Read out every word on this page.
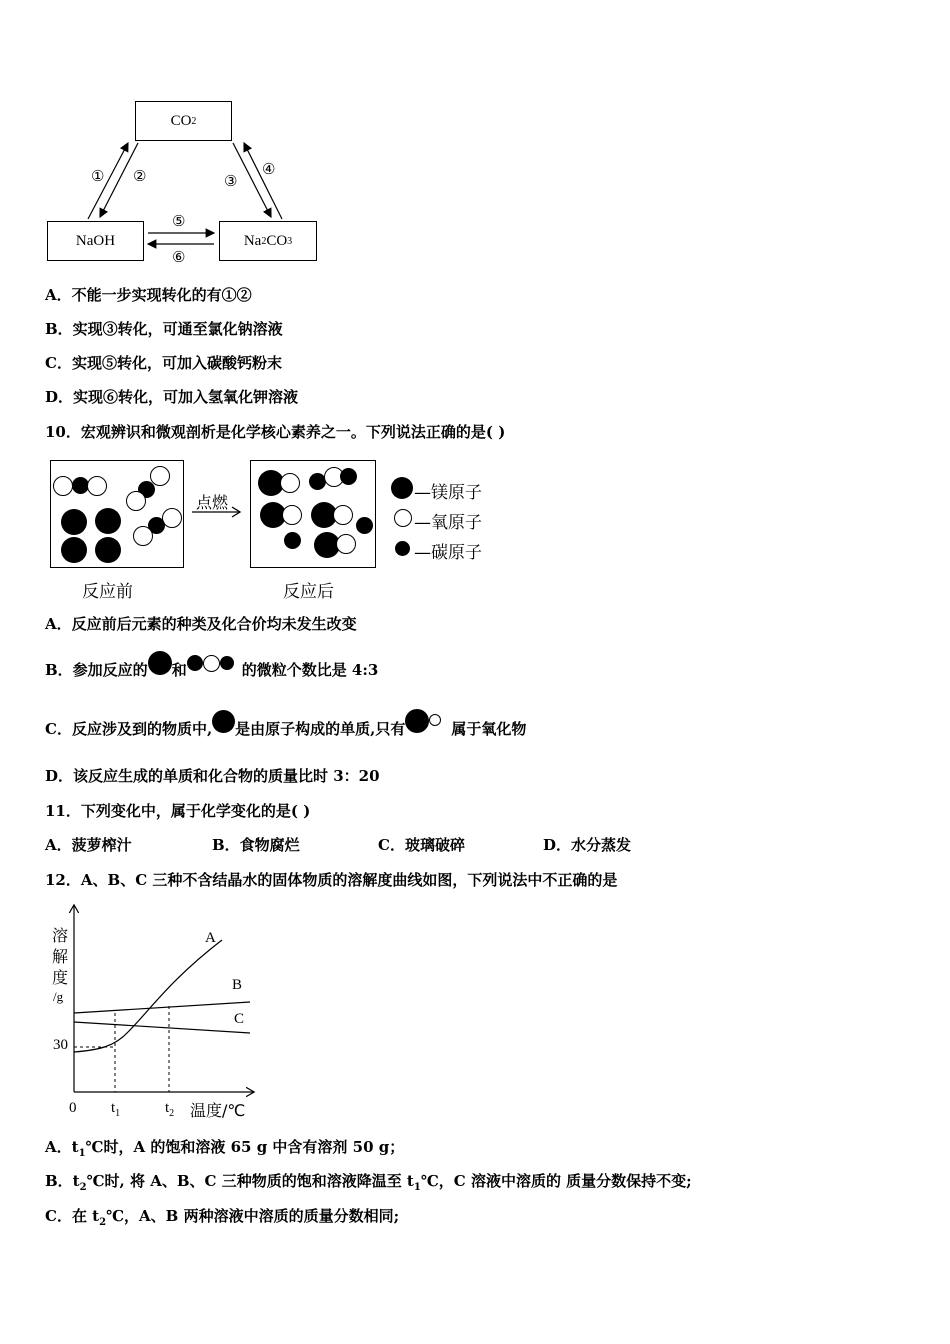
CO 2
NaOH	Na 2 CO 3
① ②	③
④
⑤
⑥
A．不能一步实现转化的有①②
B．实现③转化，可通至氯化钠溶液
C．实现⑤转化，可加入碳酸钙粉末
D．实现⑥转化，可加入氢氧化钾溶液
10．宏观辨识和微观剖析是化学核心素养之一。下列说法正确的是( )
点燃
反应前	反应后
—镁原子
—氧原子
—碳原子
A．反应前后元素的种类及化合价均未发生改变
B．参加反应的 和	的微粒个数比是 4:3
C．反应涉及到的物质中, 是由原子构成的单质,只有	属于氧化物
D．该反应生成的单质和化合物的质量比时 3：20
11．下列变化中，属于化学变化的是( )
A．菠萝榨汁	B．食物腐烂	C．玻璃破碎	D．水分蒸发
12．A、B、C 三种不含结晶水的固体物质的溶解度曲线如图，下列说法中不正确的是
溶
解
度
/g
A
B
C
30
0 $t_1$	$t_2$ 温度/℃
A．$t_1℃$时，A 的饱和溶液 65 g 中含有溶剂 50 g；
B．$t_2℃$时, 将 A、B、C 三种物质的饱和溶液降温至 $t_1℃$，C 溶液中溶质的 质量分数保持不变;
C．在 $t_2℃$，A、B 两种溶液中溶质的质量分数相同;
